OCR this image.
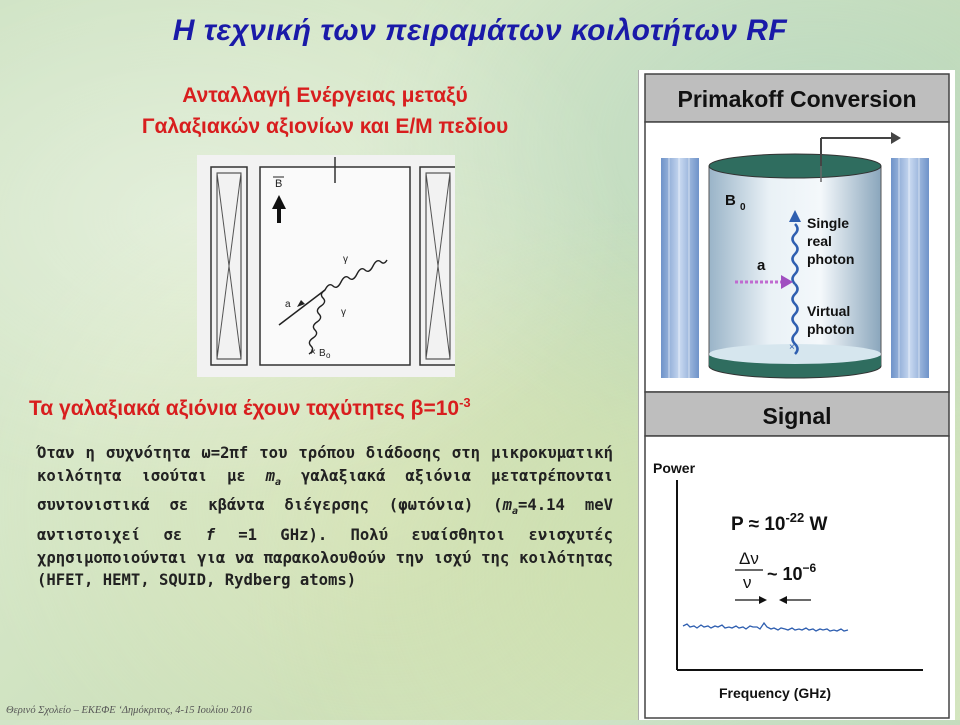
Η τεχνική των πειραμάτων κοιλοτήτων RF
Ανταλλαγή Ενέργειας μεταξύ
Γαλαξιακών αξιονίων και Ε/Μ πεδίου
B
a
γ
γ
× B o
Τα γαλαξιακά αξιόνια έχουν ταχύτητες $\beta=10^{-3}$
Όταν η συχνότητα ω=2πf του τρόπου διάδοσης στη μικροκυματική κοιλότητα ισούται με $m_a$ γαλαξιακά αξιόνια μετατρέπονται συντονιστικά σε κβάντα διέγερσης (φωτόνια) ($m_a=4.14$ meV αντιστοιχεί σε f =1 GHz). Πολύ ευαίσθητοι ενισχυτές χρησιμοποιούνται για να παρακολουθούν την ισχύ της κοιλότητας (HFET, HEMT, SQUID, Rydberg atoms)
Primakoff Conversion
B 0
×
a
Single
real
photon
Virtual
photon
Signal
Power
Frequency (GHz)
$P \approx 10^{-22}$ W
Δν
ν ~ $10^{-6}$
Θερινό Σχολείο – ΕΚΕΦΕ ‘Δημόκριτος, 4-15 Ιουλίου 2016
